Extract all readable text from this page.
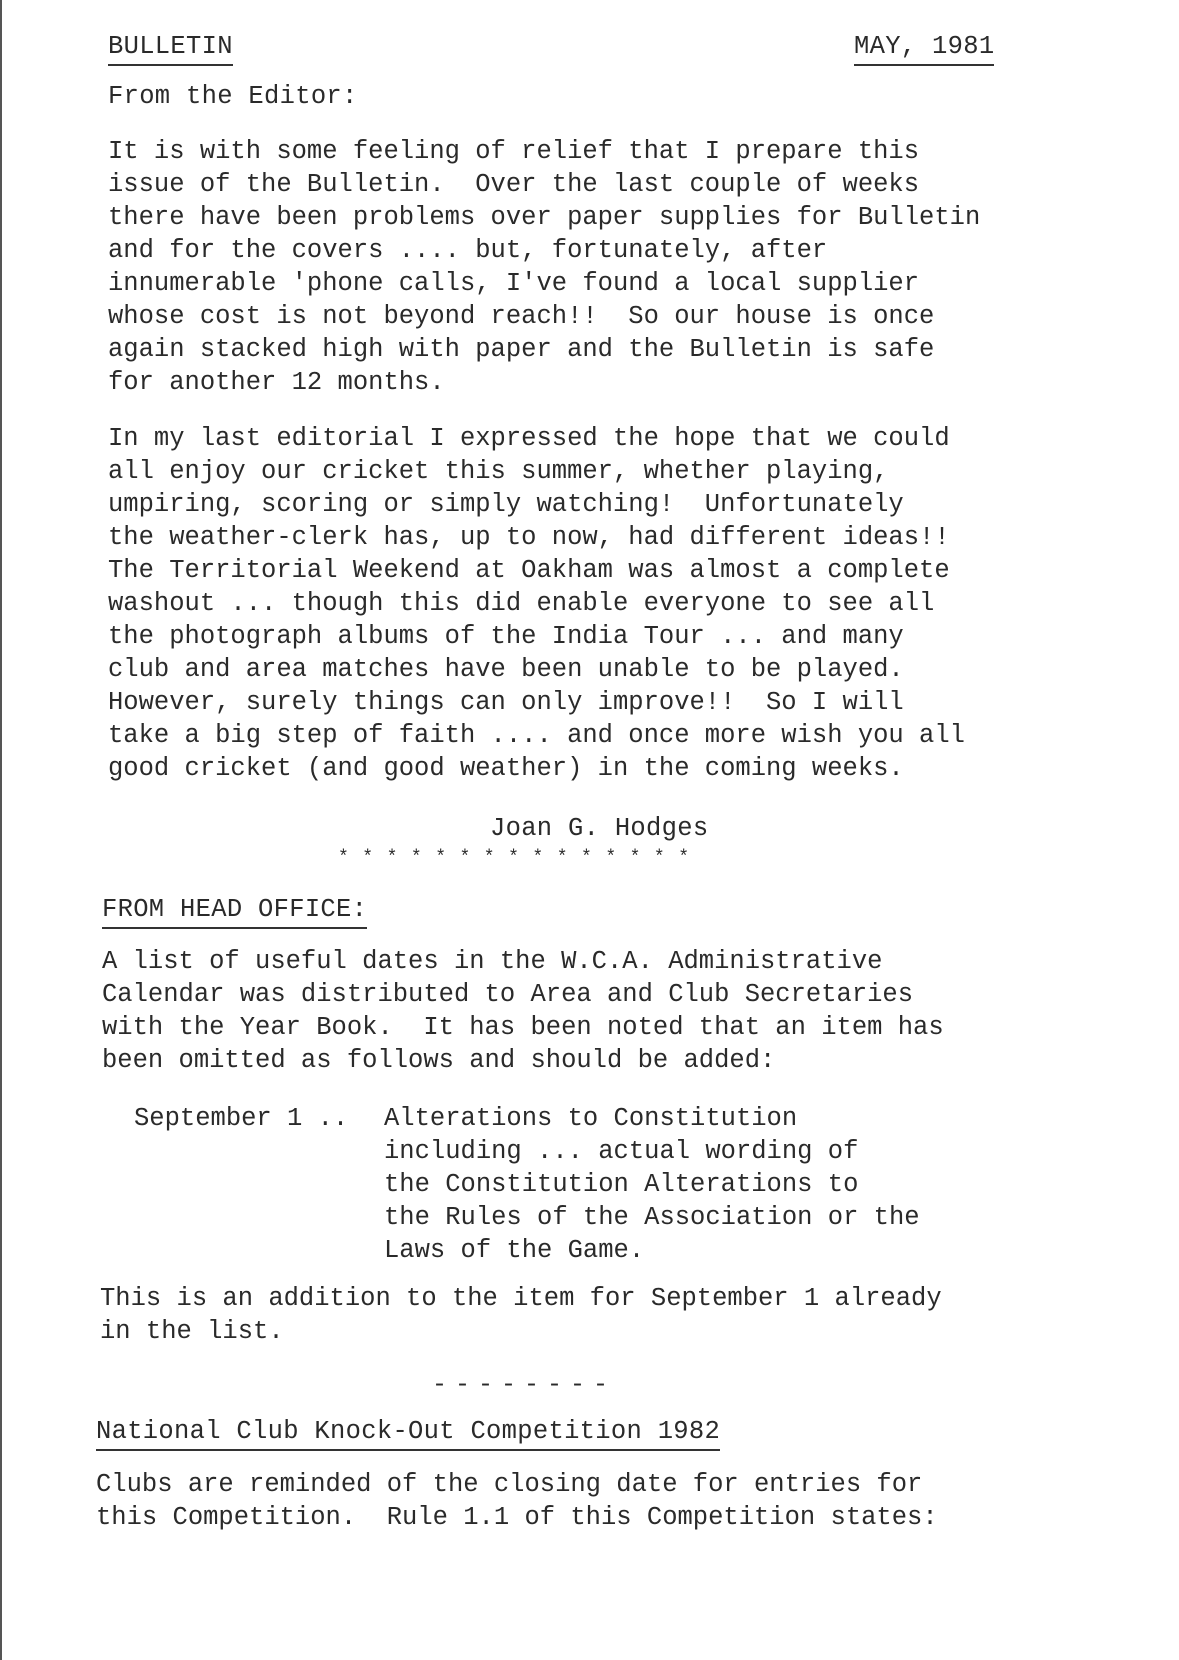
BULLETIN	MAY, 1981
From the Editor:
It is with some feeling of relief that I prepare this
issue of the Bulletin.  Over the last couple of weeks
there have been problems over paper supplies for Bulletin
and for the covers .... but, fortunately, after
innumerable 'phone calls, I've found a local supplier
whose cost is not beyond reach!!  So our house is once
again stacked high with paper and the Bulletin is safe
for another 12 months.
In my last editorial I expressed the hope that we could
all enjoy our cricket this summer, whether playing,
umpiring, scoring or simply watching!  Unfortunately
the weather-clerk has, up to now, had different ideas!!
The Territorial Weekend at Oakham was almost a complete
washout ... though this did enable everyone to see all
the photograph albums of the India Tour ... and many
club and area matches have been unable to be played.
However, surely things can only improve!!  So I will
take a big step of faith .... and once more wish you all
good cricket (and good weather) in the coming weeks.
Joan G. Hodges
***************
FROM HEAD OFFICE:
A list of useful dates in the W.C.A. Administrative
Calendar was distributed to Area and Club Secretaries
with the Year Book.  It has been noted that an item has
been omitted as follows and should be added:
September 1 .. Alterations to Constitution
including ... actual wording of
the Constitution Alterations to
the Rules of the Association or the
Laws of the Game.
This is an addition to the item for September 1 already
in the list.
--------
National Club Knock-Out Competition 1982
Clubs are reminded of the closing date for entries for
this Competition.  Rule 1.1 of this Competition states:
